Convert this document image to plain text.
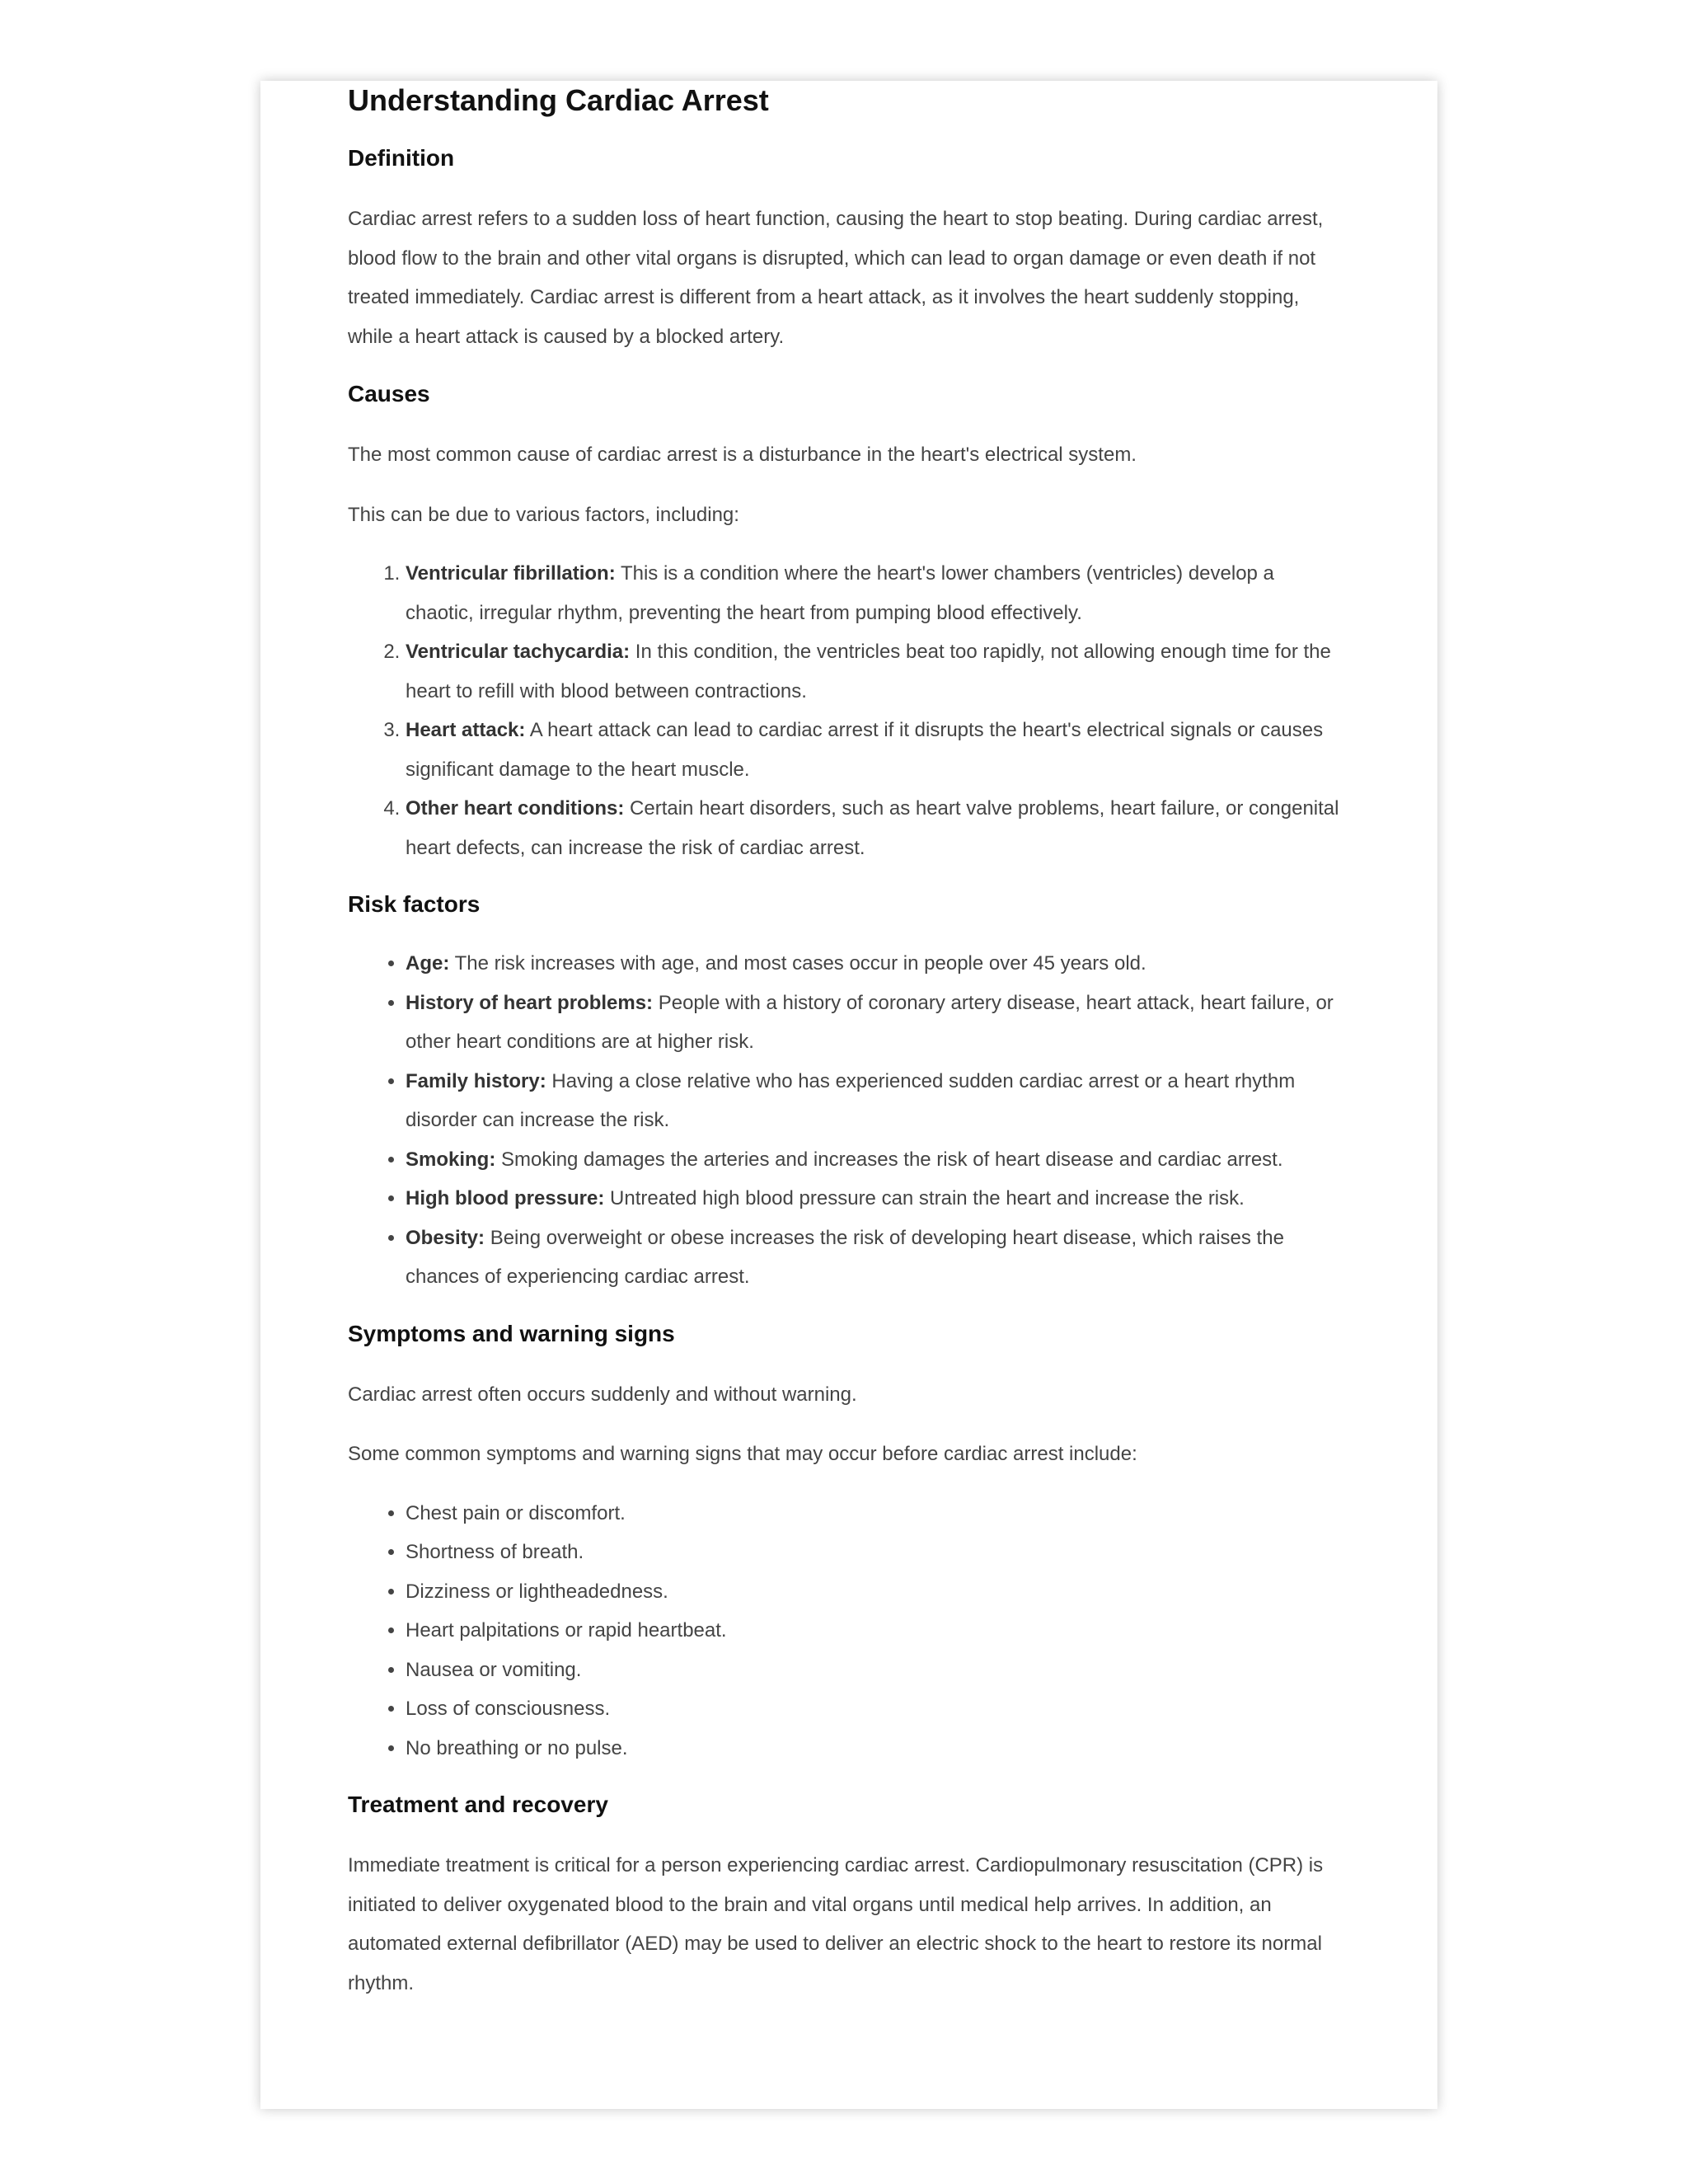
Understanding Cardiac Arrest
Definition

Cardiac arrest refers to a sudden loss of heart function, causing the heart to stop beating. During cardiac arrest, blood flow to the brain and other vital organs is disrupted, which can lead to organ damage or even death if not treated immediately. Cardiac arrest is different from a heart attack, as it involves the heart suddenly stopping, while a heart attack is caused by a blocked artery.

Causes

The most common cause of cardiac arrest is a disturbance in the heart's electrical system.

This can be due to various factors, including:

1. Ventricular fibrillation: This is a condition where the heart's lower chambers (ventricles) develop a chaotic, irregular rhythm, preventing the heart from pumping blood effectively.
2. Ventricular tachycardia: In this condition, the ventricles beat too rapidly, not allowing enough time for the heart to refill with blood between contractions.
3. Heart attack: A heart attack can lead to cardiac arrest if it disrupts the heart's electrical signals or causes significant damage to the heart muscle.
4. Other heart conditions: Certain heart disorders, such as heart valve problems, heart failure, or congenital heart defects, can increase the risk of cardiac arrest.
Risk factors
• Age: The risk increases with age, and most cases occur in people over 45 years old.
• History of heart problems: People with a history of coronary artery disease, heart attack, heart failure, or other heart conditions are at higher risk.
• Family history: Having a close relative who has experienced sudden cardiac arrest or a heart rhythm disorder can increase the risk.
• Smoking: Smoking damages the arteries and increases the risk of heart disease and cardiac arrest.
• High blood pressure: Untreated high blood pressure can strain the heart and increase the risk.
• Obesity: Being overweight or obese increases the risk of developing heart disease, which raises the chances of experiencing cardiac arrest.
Symptoms and warning signs

Cardiac arrest often occurs suddenly and without warning.

Some common symptoms and warning signs that may occur before cardiac arrest include:

• Chest pain or discomfort.
• Shortness of breath.
• Dizziness or lightheadedness.
• Heart palpitations or rapid heartbeat.
• Nausea or vomiting.
• Loss of consciousness.
• No breathing or no pulse.
Treatment and recovery

Immediate treatment is critical for a person experiencing cardiac arrest. Cardiopulmonary resuscitation (CPR) is initiated to deliver oxygenated blood to the brain and vital organs until medical help arrives. In addition, an automated external defibrillator (AED) may be used to deliver an electric shock to the heart to restore its normal rhythm.
